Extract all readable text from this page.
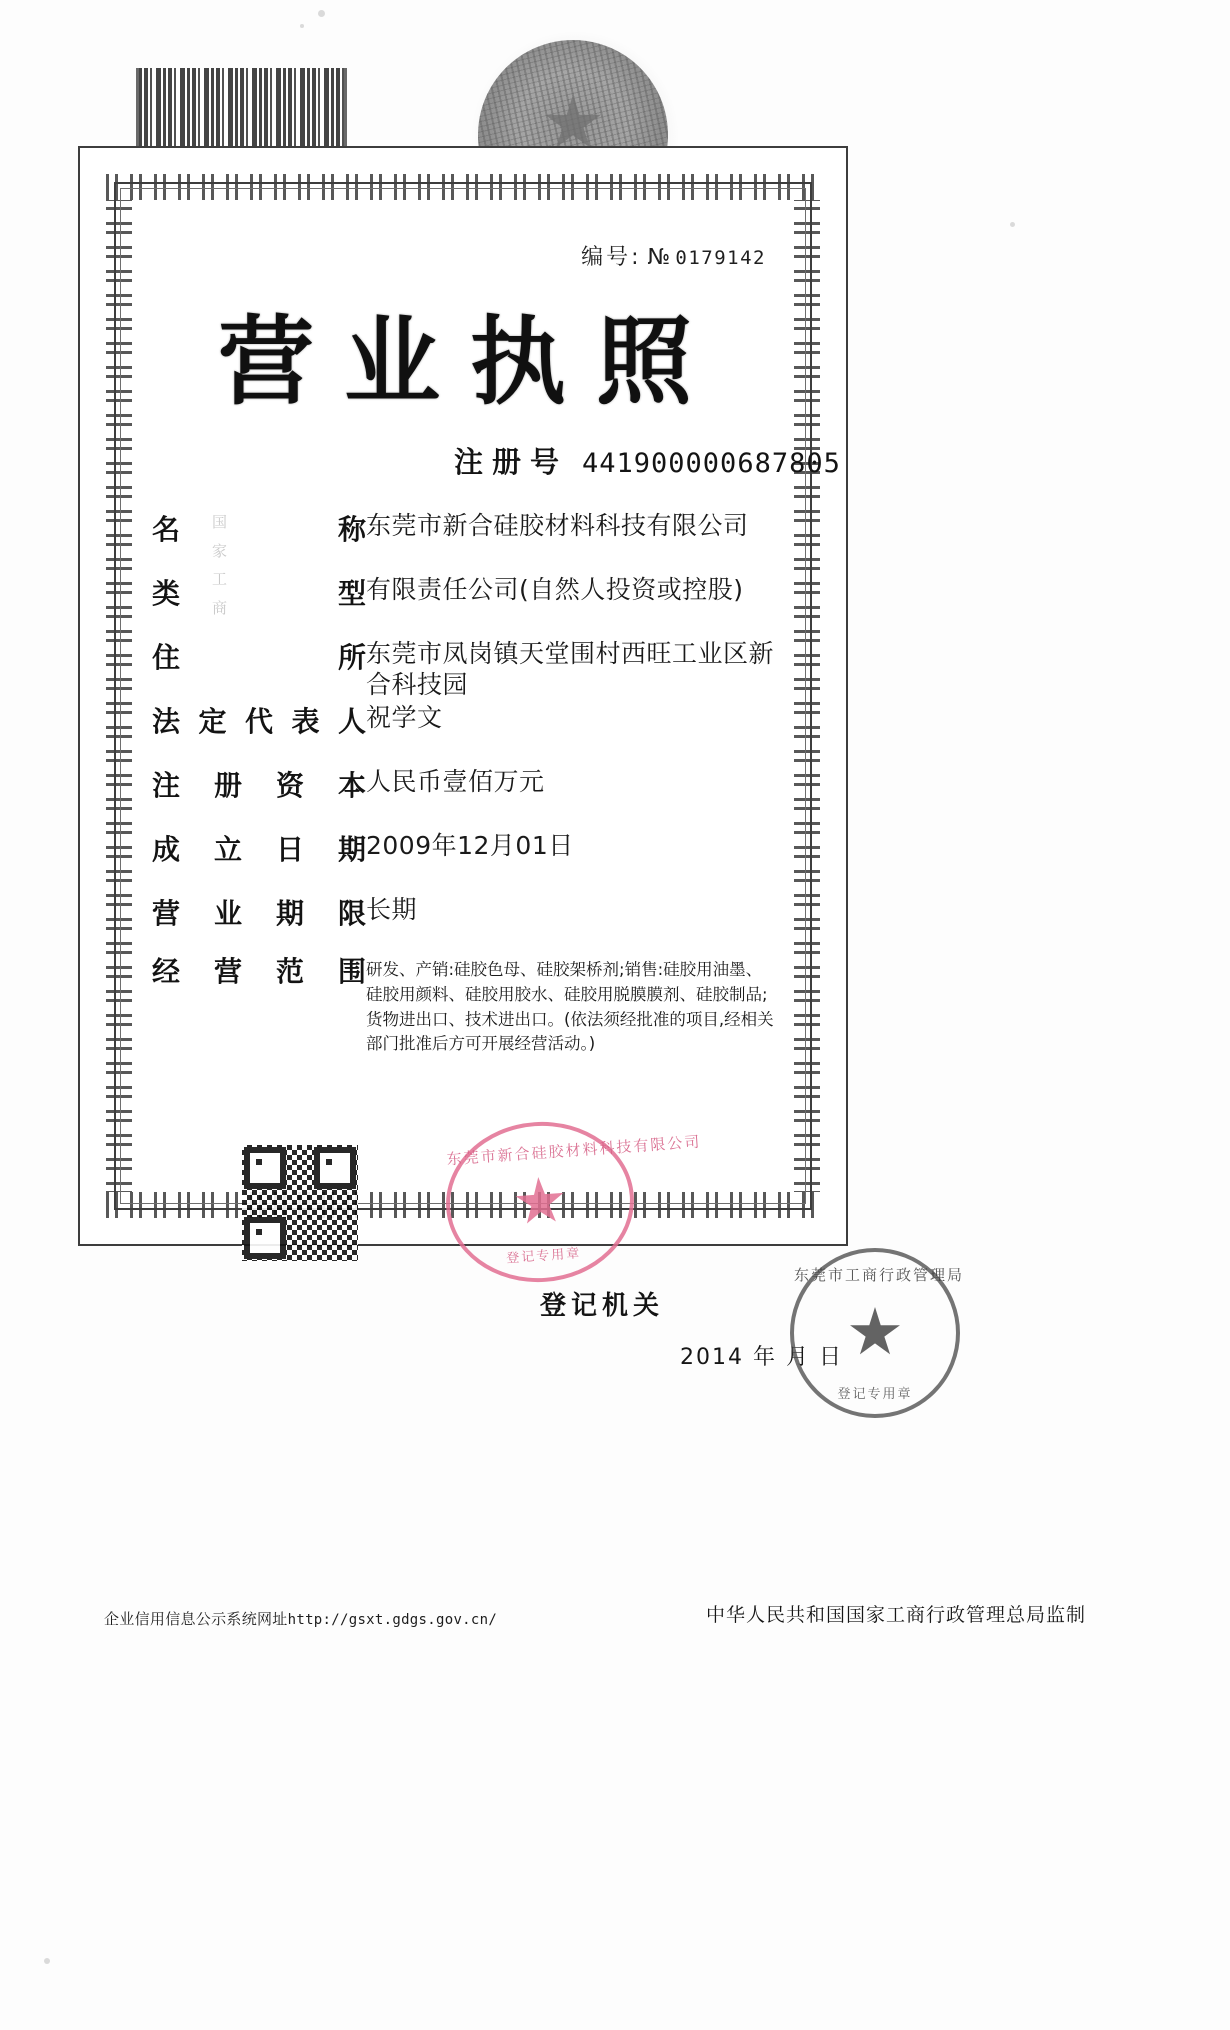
编号: № 0179142
营业执照
注册号 441900000687805
名	称 东莞市新合硅胶材料科技有限公司
类	型 有限责任公司(自然人投资或控股)
住	所 东莞市凤岗镇天堂围村西旺工业区新合科技园
法 定 代 表 人 祝学文
注 册 资 本 人民币壹佰万元
成 立 日 期 2009年12月01日
营 业 期 限 长期
经 营 范 围 研发、产销:硅胶色母、硅胶架桥剂;销售:硅胶用油墨、硅胶用颜料、硅胶用胶水、硅胶用脱膜膜剂、硅胶制品;货物进出口、技术进出口。(依法须经批准的项目,经相关部门批准后方可开展经营活动。)
国家工商
东莞市新合硅胶材料科技有限公司
登记专用章
登记机关
2014 年 月 日
东莞市工商行政管理局
登记专用章
企业信用信息公示系统网址http://gsxt.gdgs.gov.cn/	中华人民共和国国家工商行政管理总局监制
